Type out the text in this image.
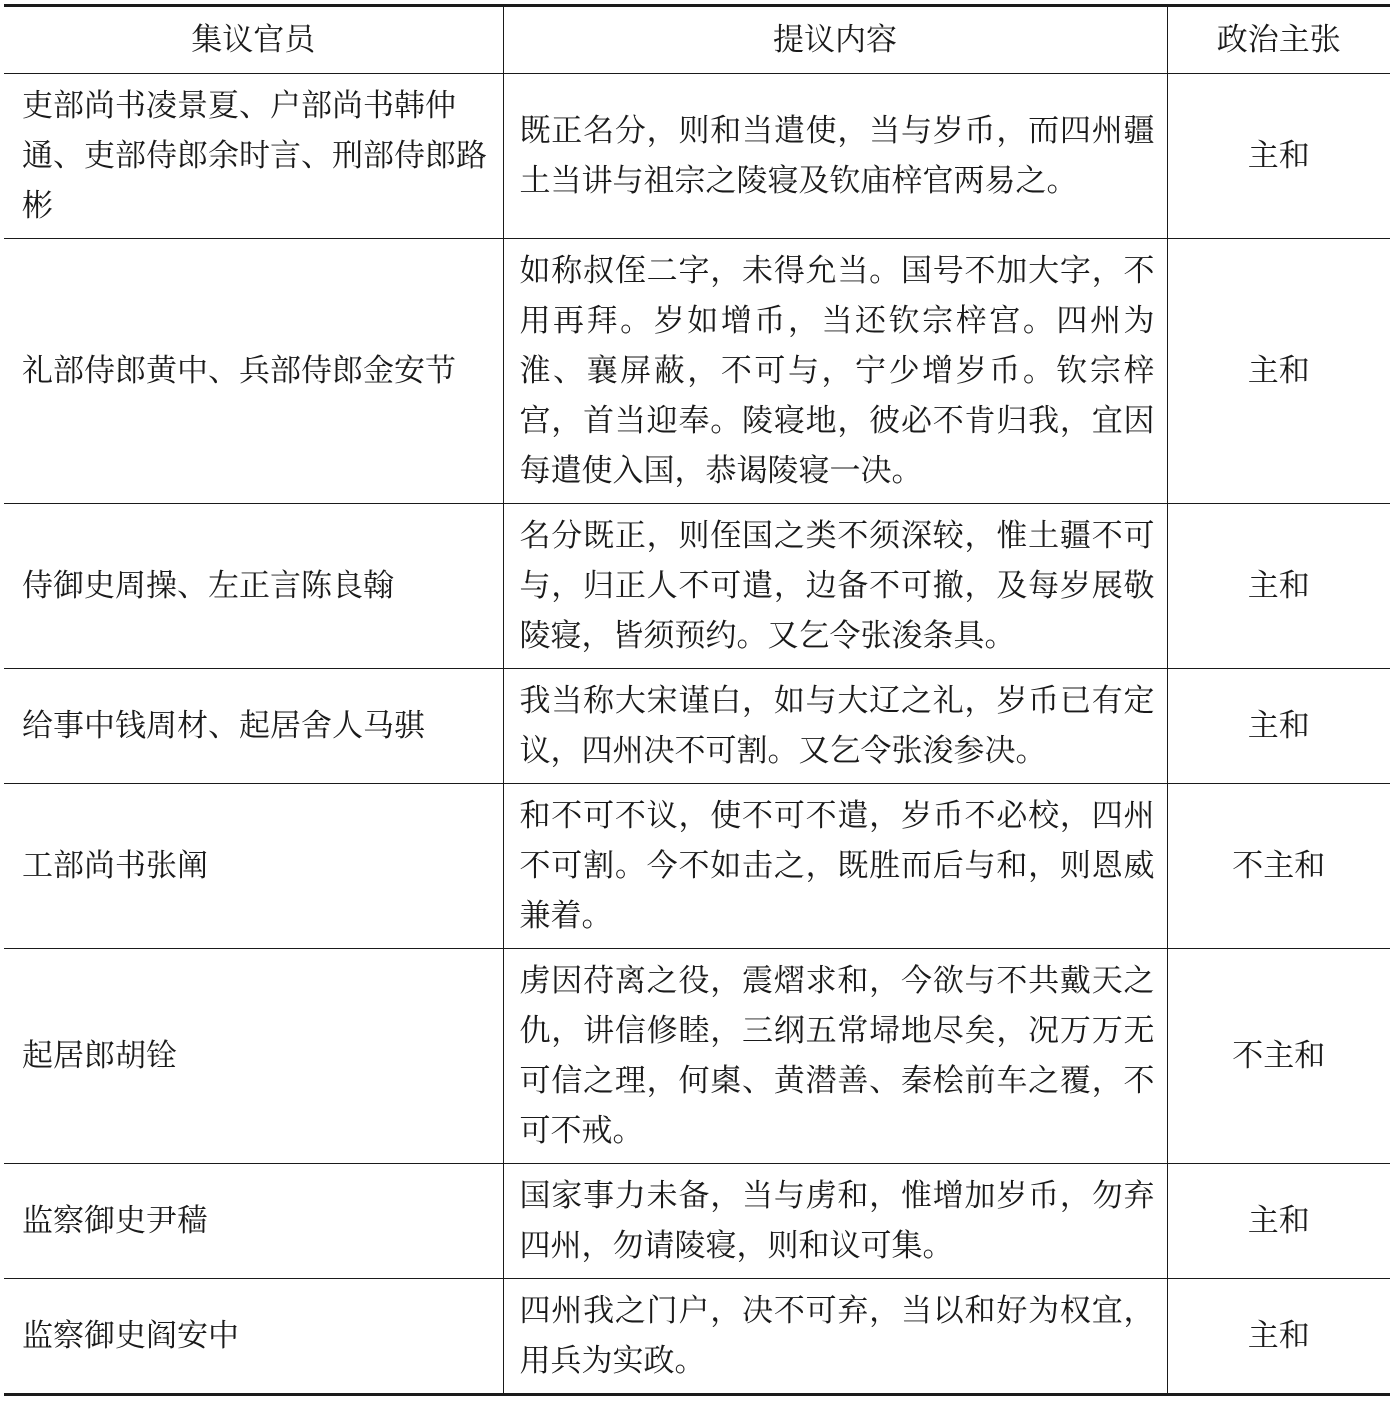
集议官员	提议内容	政治主张
吏部尚书凌景夏、户部尚书韩仲通、吏部侍郎余时言、刑部侍郎路彬	既正名分，则和当遣使，当与岁币，而四州疆土当讲与祖宗之陵寝及钦庙梓官两易之。	主和
礼部侍郎黄中、兵部侍郎金安节	如称叔侄二字，未得允当。国号不加大字，不用再拜。岁如增币，当还钦宗梓宫。四州为淮、襄屏蔽，不可与，宁少增岁币。钦宗梓宫，首当迎奉。陵寝地，彼必不肯归我，宜因每遣使入国，恭谒陵寝一决。	主和
侍御史周操、左正言陈良翰	名分既正，则侄国之类不须深较，惟土疆不可与，归正人不可遣，边备不可撤，及每岁展敬陵寝，皆须预约。又乞令张浚条具。	主和
给事中钱周材、起居舍人马骐	我当称大宋谨白，如与大辽之礼，岁币已有定议，四州决不可割。又乞令张浚参决。	主和
工部尚书张阐	和不可不议，使不可不遣，岁币不必校，四州不可割。今不如击之，既胜而后与和，则恩威兼着。	不主和
起居郎胡铨	虏因苻离之役，震熠求和，今欲与不共戴天之仇，讲信修睦，三纲五常埽地尽矣，况万万无可信之理，何㮚、黄潜善、秦桧前车之覆，不可不戒。	不主和
监察御史尹穑	国家事力未备，当与虏和，惟增加岁币，勿弃四州，勿请陵寝，则和议可集。	主和
监察御史阎安中	四州我之门户，决不可弃，当以和好为权宜，用兵为实政。	主和
